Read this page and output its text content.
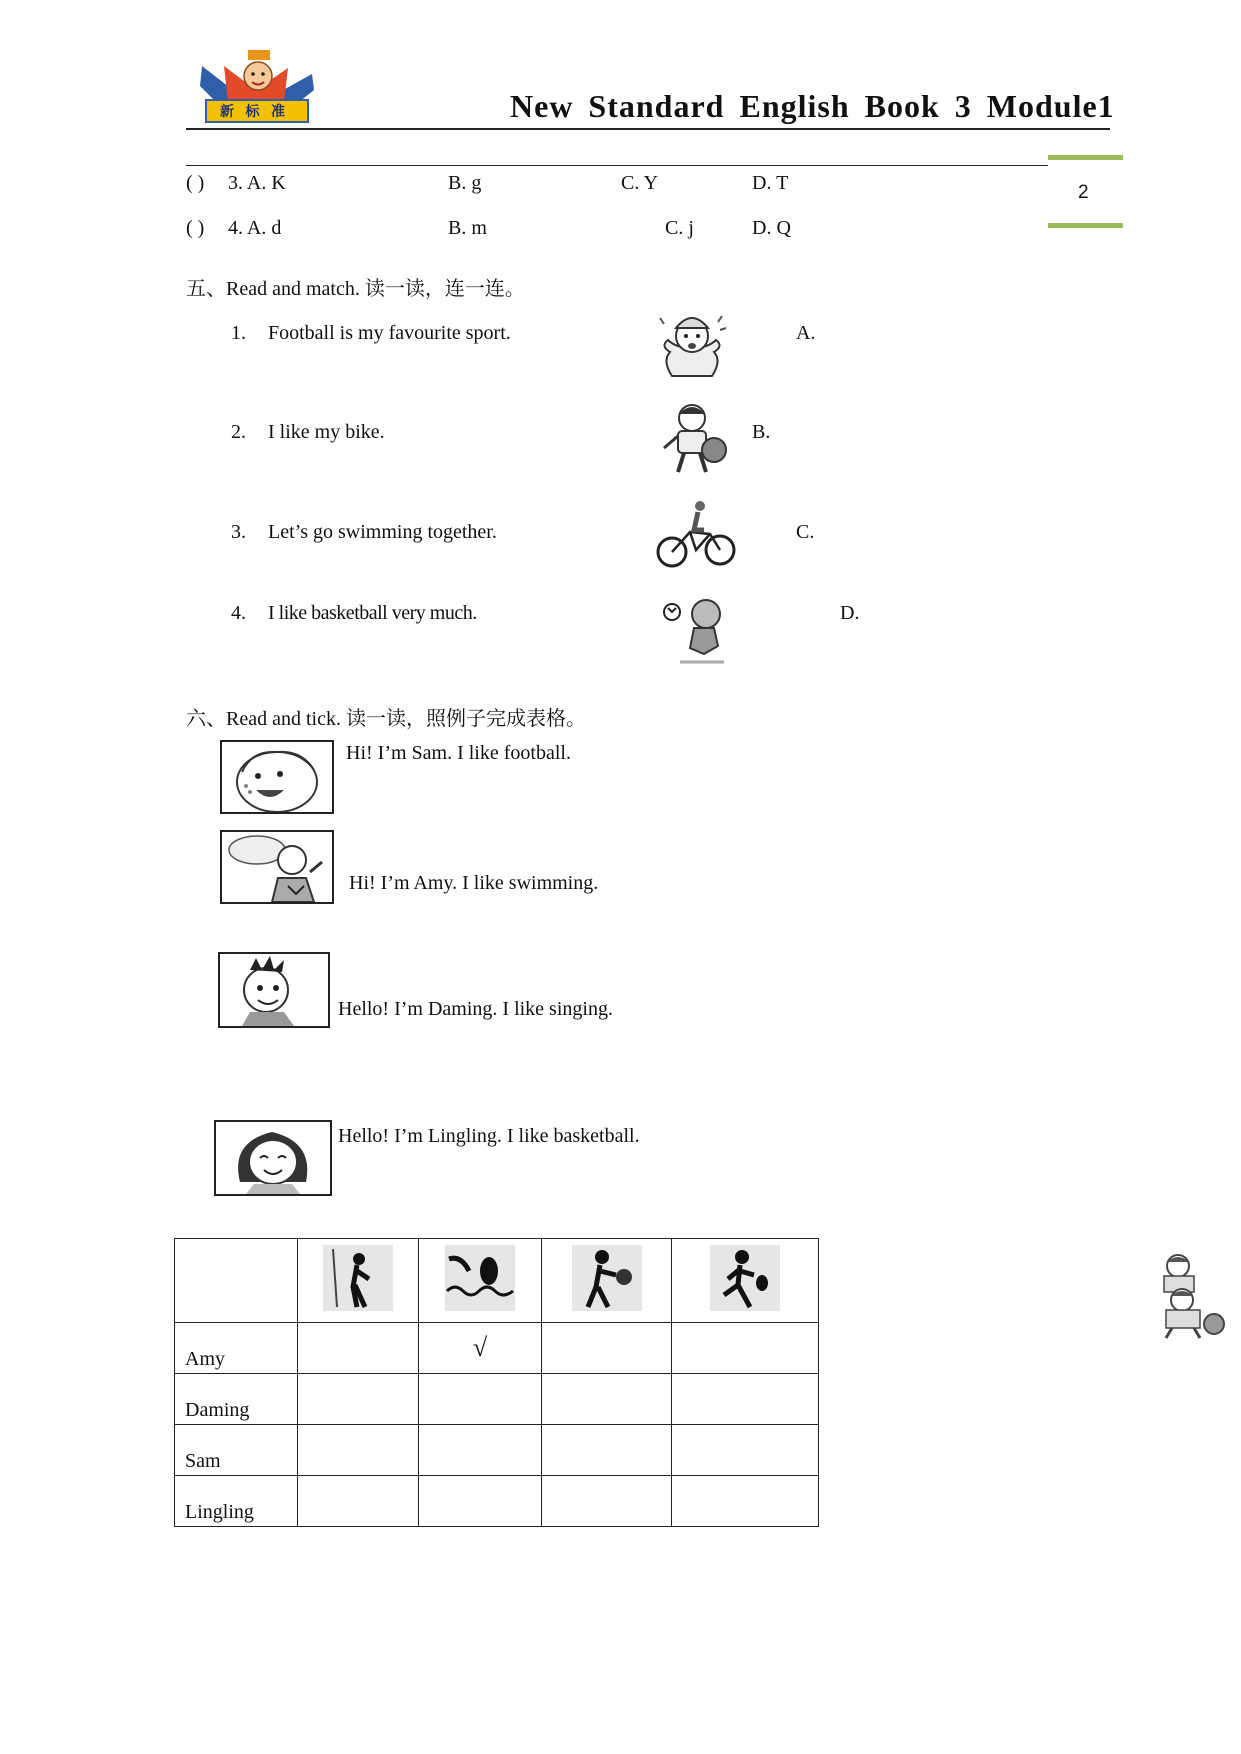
新 标 准	New Standard English Book 3 Module1
2
( ) 3. A. K	B. g	C. Y	D. T
( ) 4. A. d	B. m	C. j	D. Q
五、Read and match. 读一读，连一连。
1. Football is my favourite sport.
2. I like my bike.
3. Let’s go swimming together.
4. I like basketball very much.
A.
B.
C.
D.
六、Read and tick. 读一读，照例子完成表格。
Hi! I’m Sam. I like football.
Hi! I’m Amy. I like swimming.
Hello! I’m Daming. I like singing.
Hello! I’m Lingling. I like basketball.

Amy		√		
Daming				
Sam				
Lingling				
